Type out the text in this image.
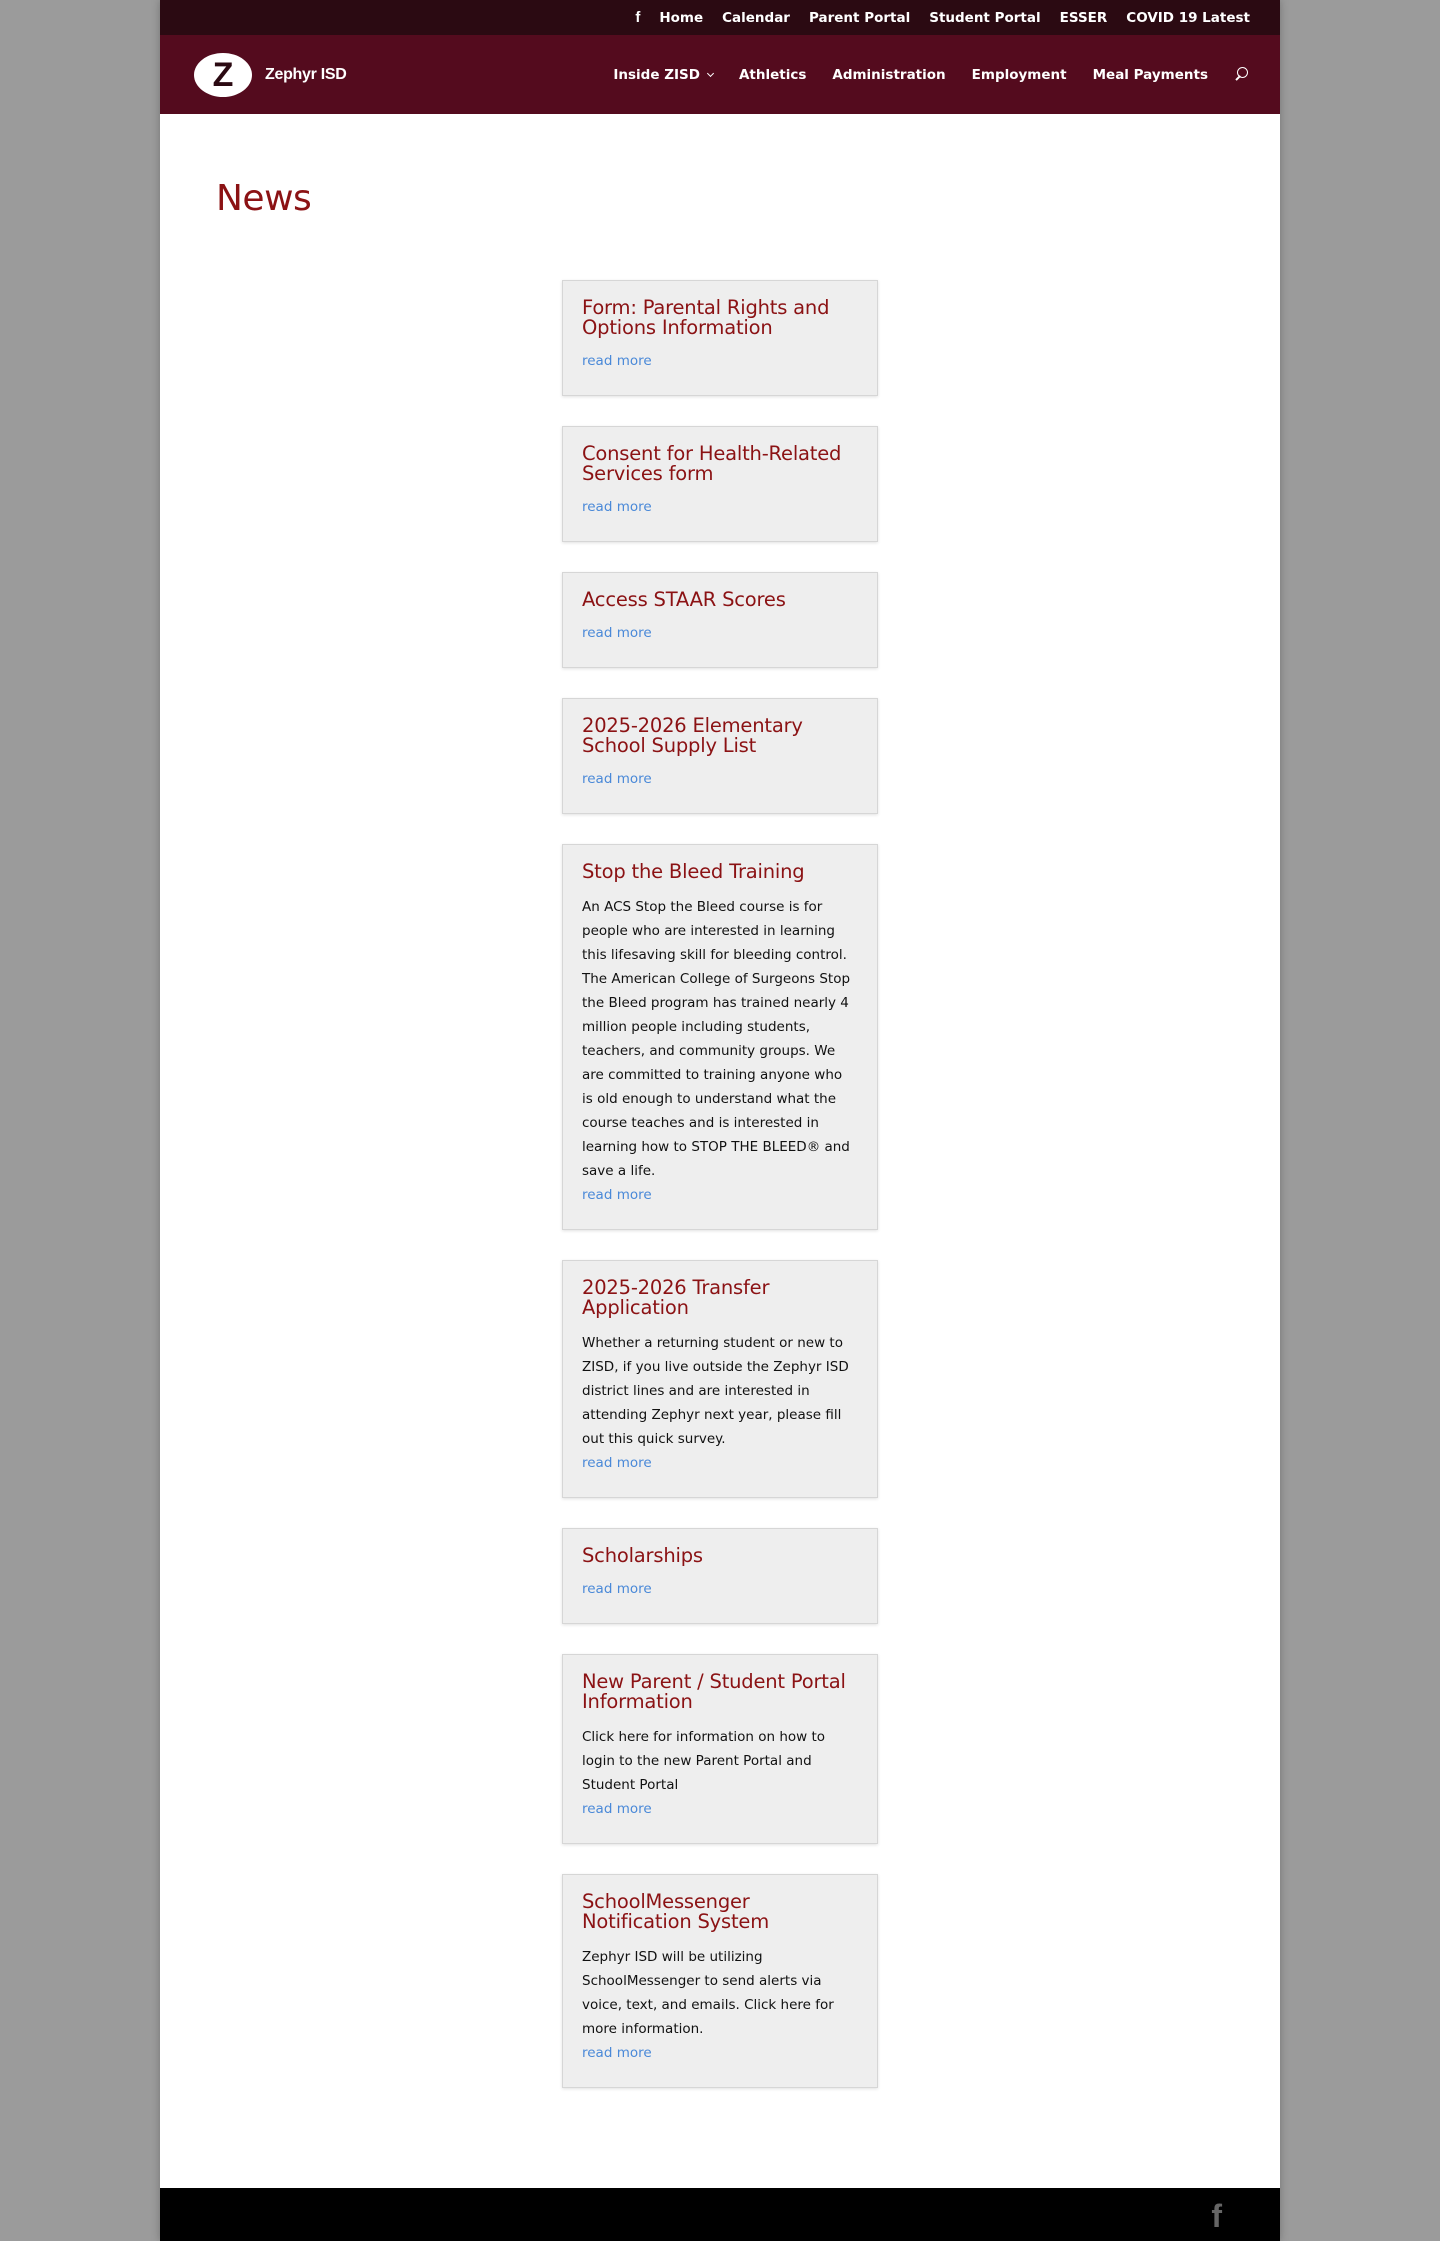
f Home Calendar Parent Portal Student Portal ESSER COVID 19 Latest
Z Zephyr ISD	Inside ZISD	Athletics Administration Employment Meal Payments
News
Form: Parental Rights and Options Information
read more
Consent for Health-Related Services form
read more
Access STAAR Scores
read more
2025-2026 Elementary School Supply List
read more
Stop the Bleed Training

An ACS Stop the Bleed course is for people who are interested in learning this lifesaving skill for bleeding control. The American College of Surgeons Stop the Bleed program has trained nearly 4 million people including students, teachers, and community groups. We are committed to training anyone who is old enough to understand what the course teaches and is interested in learning how to STOP THE BLEED® and save a life.

read more
2025-2026 Transfer Application

Whether a returning student or new to ZISD, if you live outside the Zephyr ISD district lines and are interested in attending Zephyr next year, please fill out this quick survey.

read more
Scholarships
read more
New Parent / Student Portal Information

Click here for information on how to login to the new Parent Portal and Student Portal

read more
SchoolMessenger Notification System

Zephyr ISD will be utilizing SchoolMessenger to send alerts via voice, text, and emails. Click here for more information.

read more
f
